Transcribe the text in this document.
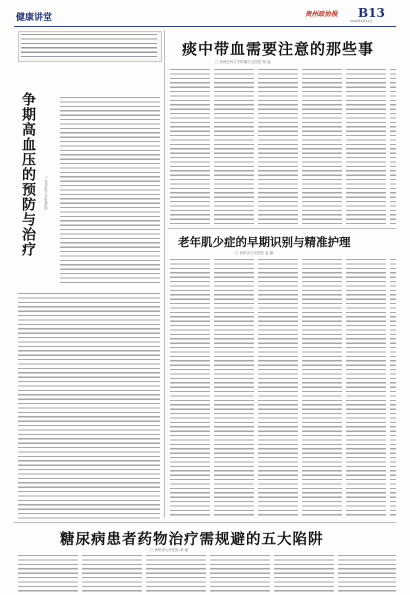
健康讲堂	贵州政协报 B13
2020年1月11日
争期高血压的预防与治疗	□ 贵州医科大学附属医院
痰中带血需要注意的那些事
□ 贵州医科大学附属白云医院 杨 猛
老年肌少症的早期识别与精准护理
□ 贵州省人民医院 麦 璐
糖尿病患者药物治疗需规避的五大陷阱
□ 贵州省人民医院 黄 丽
